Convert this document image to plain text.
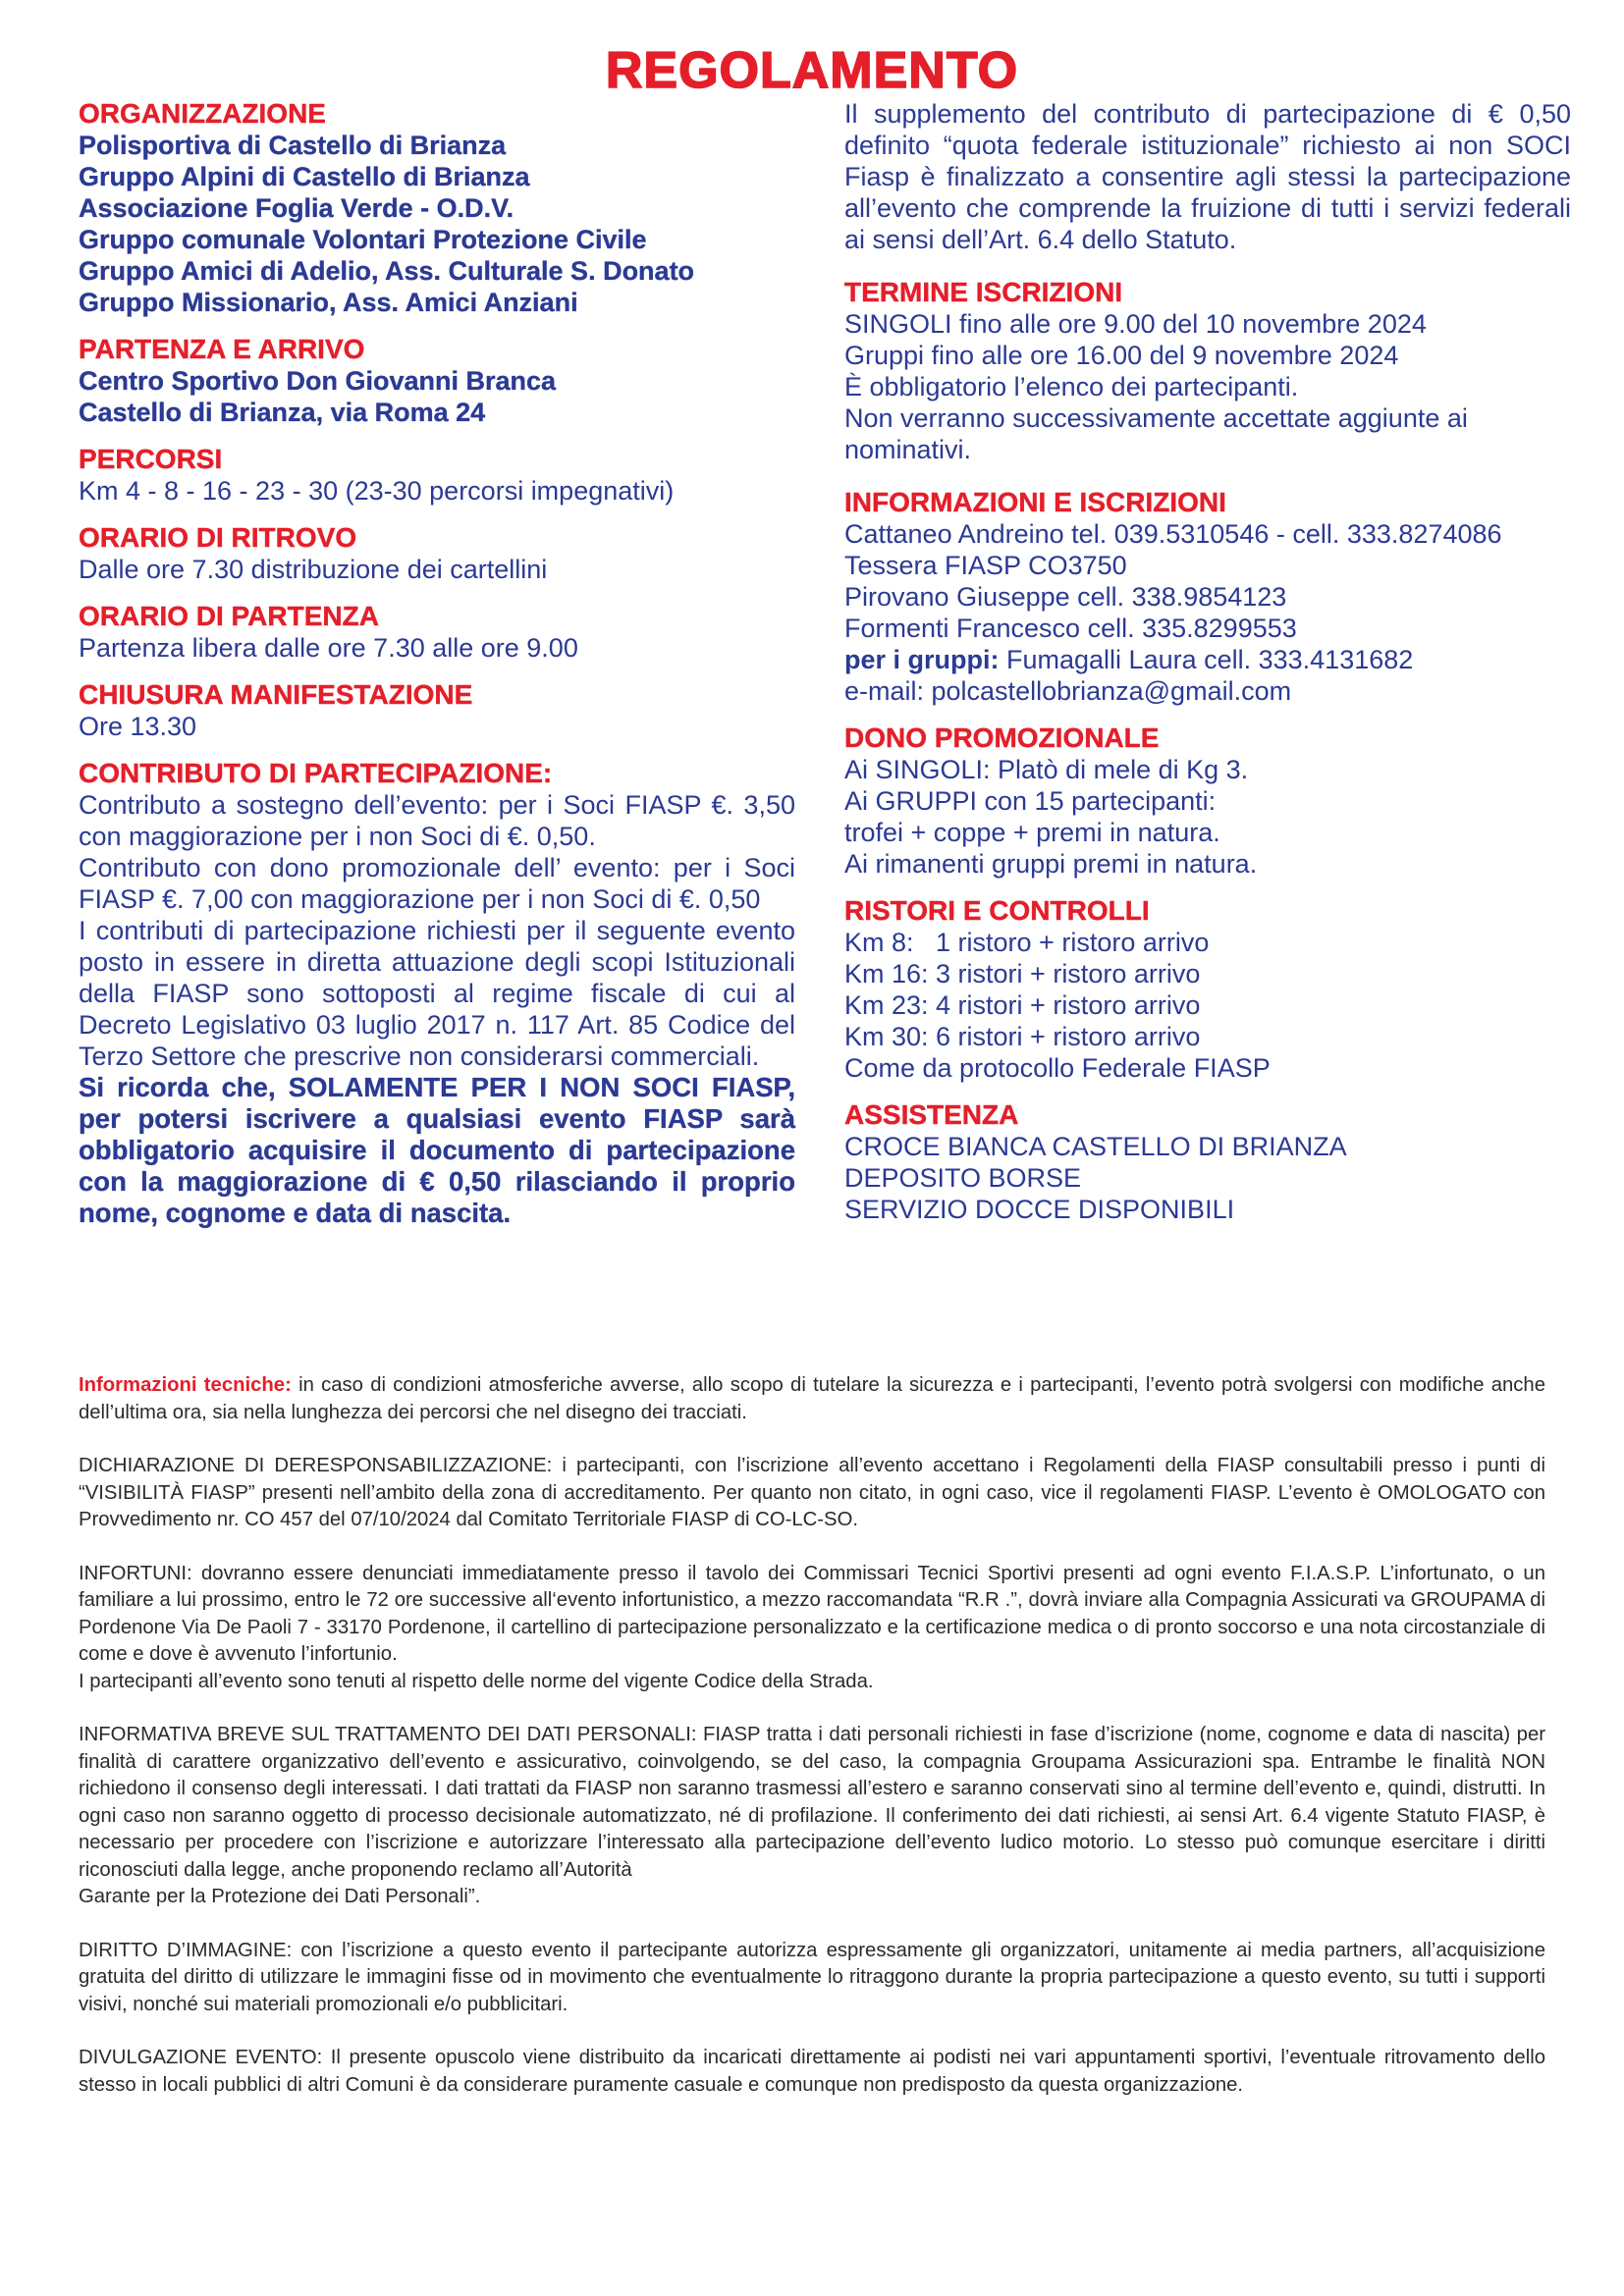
REGOLAMENTO
ORGANIZZAZIONE
Polisportiva di Castello di Brianza
Gruppo Alpini di Castello di Brianza
Associazione Foglia Verde - O.D.V.
Gruppo comunale Volontari Protezione Civile
Gruppo Amici di Adelio, Ass. Culturale S. Donato
Gruppo Missionario, Ass. Amici Anziani
PARTENZA E ARRIVO
Centro Sportivo Don Giovanni Branca
Castello di Brianza, via Roma 24
PERCORSI
Km 4 - 8 - 16 - 23 - 30 (23-30 percorsi impegnativi)
ORARIO DI RITROVO
Dalle ore 7.30 distribuzione dei cartellini
ORARIO DI PARTENZA
Partenza libera dalle ore 7.30 alle ore 9.00
CHIUSURA MANIFESTAZIONE
Ore 13.30
CONTRIBUTO DI PARTECIPAZIONE:
Contributo a sostegno dell’evento: per i Soci FIASP €. 3,50 con maggiorazione per i non Soci di €. 0,50.
Contributo con dono promozionale dell’ evento: per i Soci FIASP €. 7,00 con maggiorazione per i non Soci di €. 0,50
I contributi di partecipazione richiesti per il seguente evento posto in essere in diretta attuazione degli scopi Istituzionali della FIASP sono sottoposti al regime fiscale di cui al Decreto Legislativo 03 luglio 2017 n. 117 Art. 85 Codice del Terzo Settore che prescrive non considerarsi commerciali.
Si ricorda che, SOLAMENTE PER I NON SOCI FIASP, per potersi iscrivere a qualsiasi evento FIASP sarà obbligatorio acquisire il documento di partecipazione con la maggiorazione di € 0,50 rilasciando il proprio nome, cognome e data di nascita.
Il supplemento del contributo di partecipazione di € 0,50 definito “quota federale istituzionale” richiesto ai non SOCI Fiasp è finalizzato a consentire agli stessi la partecipazione all’evento che comprende la fruizione di tutti i servizi federali ai sensi dell’Art. 6.4 dello Statuto.
TERMINE ISCRIZIONI
SINGOLI fino alle ore 9.00 del 10 novembre 2024
Gruppi fino alle ore 16.00 del 9 novembre 2024
È obbligatorio l’elenco dei partecipanti.
Non verranno successivamente accettate aggiunte ai nominativi.
INFORMAZIONI E ISCRIZIONI
Cattaneo Andreino tel. 039.5310546 - cell. 333.8274086
Tessera FIASP CO3750
Pirovano Giuseppe cell. 338.9854123
Formenti Francesco cell. 335.8299553
per i gruppi: Fumagalli Laura cell. 333.4131682
e-mail: polcastellobrianza@gmail.com
DONO PROMOZIONALE
Ai SINGOLI: Platò di mele di Kg 3.
Ai GRUPPI con 15 partecipanti:
trofei + coppe + premi in natura.
Ai rimanenti gruppi premi in natura.
RISTORI E CONTROLLI
Km 8:   1 ristoro + ristoro arrivo
Km 16: 3 ristori + ristoro arrivo
Km 23: 4 ristori + ristoro arrivo
Km 30: 6 ristori + ristoro arrivo
Come da protocollo Federale FIASP
ASSISTENZA
CROCE BIANCA CASTELLO DI BRIANZA
DEPOSITO BORSE
SERVIZIO DOCCE DISPONIBILI
Informazioni tecniche: in caso di condizioni atmosferiche avverse, allo scopo di tutelare la sicurezza e i partecipanti, l’evento potrà svolgersi con modifiche anche dell’ultima ora, sia nella lunghezza dei percorsi che nel disegno dei tracciati.
DICHIARAZIONE DI DERESPONSABILIZZAZIONE: i partecipanti, con l’iscrizione all’evento accettano i Regolamenti della FIASP consultabili presso i punti di “VISIBILITÀ FIASP” presenti nell’ambito della zona di accreditamento. Per quanto non citato, in ogni caso, vice il regolamenti FIASP. L’evento è OMOLOGATO con Provvedimento nr. CO 457 del 07/10/2024 dal Comitato Territoriale FIASP di CO-LC-SO.
INFORTUNI: dovranno essere denunciati immediatamente presso il tavolo dei Commissari Tecnici Sportivi presenti ad ogni evento F.I.A.S.P. L’infortunato, o un familiare a lui prossimo, entro le 72 ore successive all‘evento infortunistico, a mezzo raccomandata “R.R .”, dovrà inviare alla Compagnia Assicurati va GROUPAMA di Pordenone Via De Paoli 7 - 33170 Pordenone, il cartellino di partecipazione personalizzato e la certificazione medica o di pronto soccorso e una nota circostanziale di come e dove è avvenuto l’infortunio.
I partecipanti all’evento sono tenuti al rispetto delle norme del vigente Codice della Strada.
INFORMATIVA BREVE SUL TRATTAMENTO DEI DATI PERSONALI: FIASP tratta i dati personali richiesti in fase d’iscrizione (nome, cognome e data di nascita) per finalità di carattere organizzativo dell’evento e assicurativo, coinvolgendo, se del caso, la compagnia Groupama Assicurazioni spa. Entrambe le finalità NON richiedono il consenso degli interessati. I dati trattati da FIASP non saranno trasmessi all’estero e saranno conservati sino al termine dell’evento e, quindi, distrutti. In ogni caso non saranno oggetto di processo decisionale automatizzato, né di profilazione. Il conferimento dei dati richiesti, ai sensi Art. 6.4 vigente Statuto FIASP, è necessario per procedere con l’iscrizione e autorizzare l’interessato alla partecipazione dell’evento ludico motorio. Lo stesso può comunque esercitare i diritti riconosciuti dalla legge, anche proponendo reclamo all’Autorità
Garante per la Protezione dei Dati Personali”.
DIRITTO D’IMMAGINE: con l’iscrizione a questo evento il partecipante autorizza espressamente gli organizzatori, unitamente ai media partners, all’acquisizione gratuita del diritto di utilizzare le immagini fisse od in movimento che eventualmente lo ritraggono durante la propria partecipazione a questo evento, su tutti i supporti visivi, nonché sui materiali promozionali e/o pubblicitari.
DIVULGAZIONE EVENTO: Il presente opuscolo viene distribuito da incaricati direttamente ai podisti nei vari appuntamenti sportivi, l’eventuale ritrovamento dello stesso in locali pubblici di altri Comuni è da considerare puramente casuale e comunque non predisposto da questa organizzazione.
